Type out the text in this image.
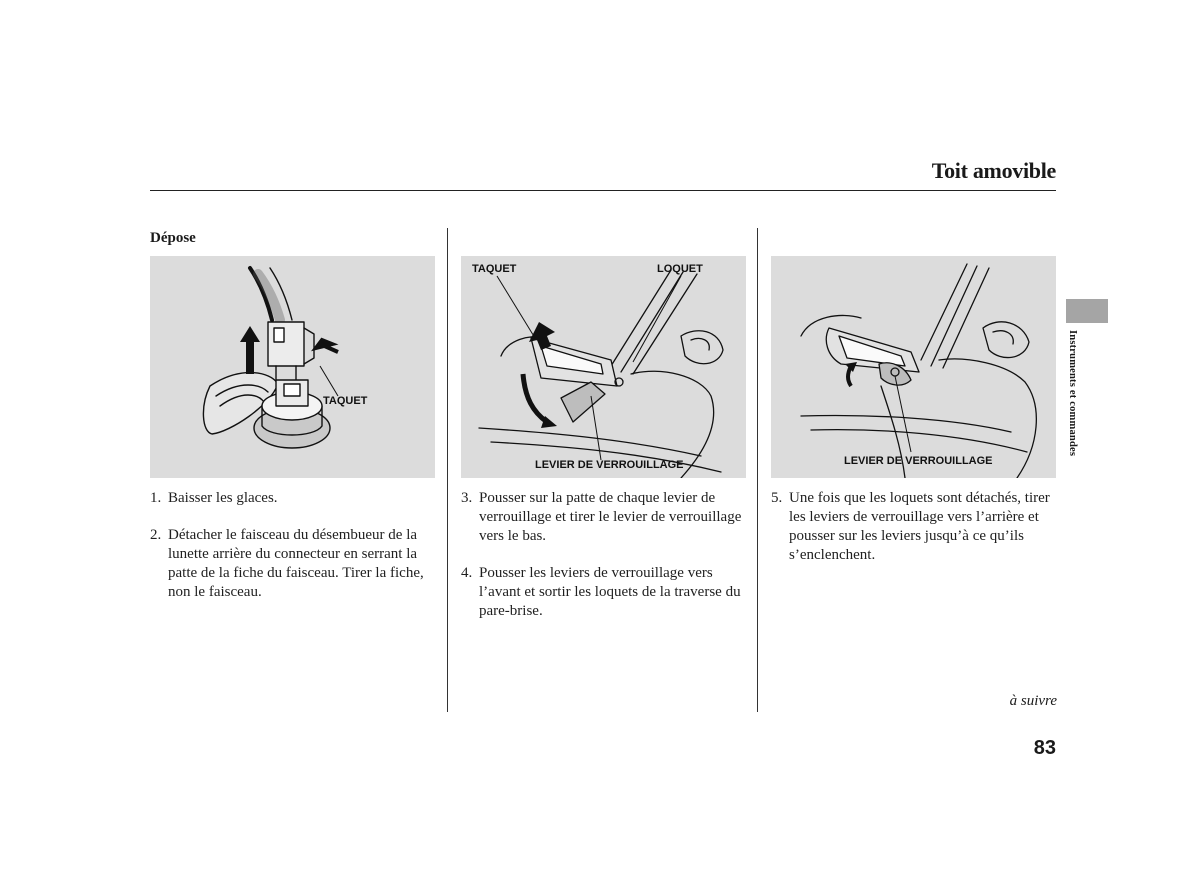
Toit amovible
Dépose
TAQUET
TAQUET	LOQUET
LEVIER DE VERROUILLAGE	LEVIER DE VERROUILLAGE
1. Baisser les glaces.
2. Détacher le faisceau du désembueur de la lunette arrière du connecteur en serrant la patte de la fiche du faisceau. Tirer la fiche, non le faisceau.
3. Pousser sur la patte de chaque levier de verrouillage et tirer le levier de verrouillage vers le bas.
4. Pousser les leviers de verrouillage vers l’avant et sortir les loquets de la traverse du pare-brise.
5. Une fois que les loquets sont détachés, tirer les leviers de verrouillage vers l’arrière et pousser sur les leviers jusqu’à ce qu’ils s’enclenchent.
Instruments et commandes
à suivre
83
